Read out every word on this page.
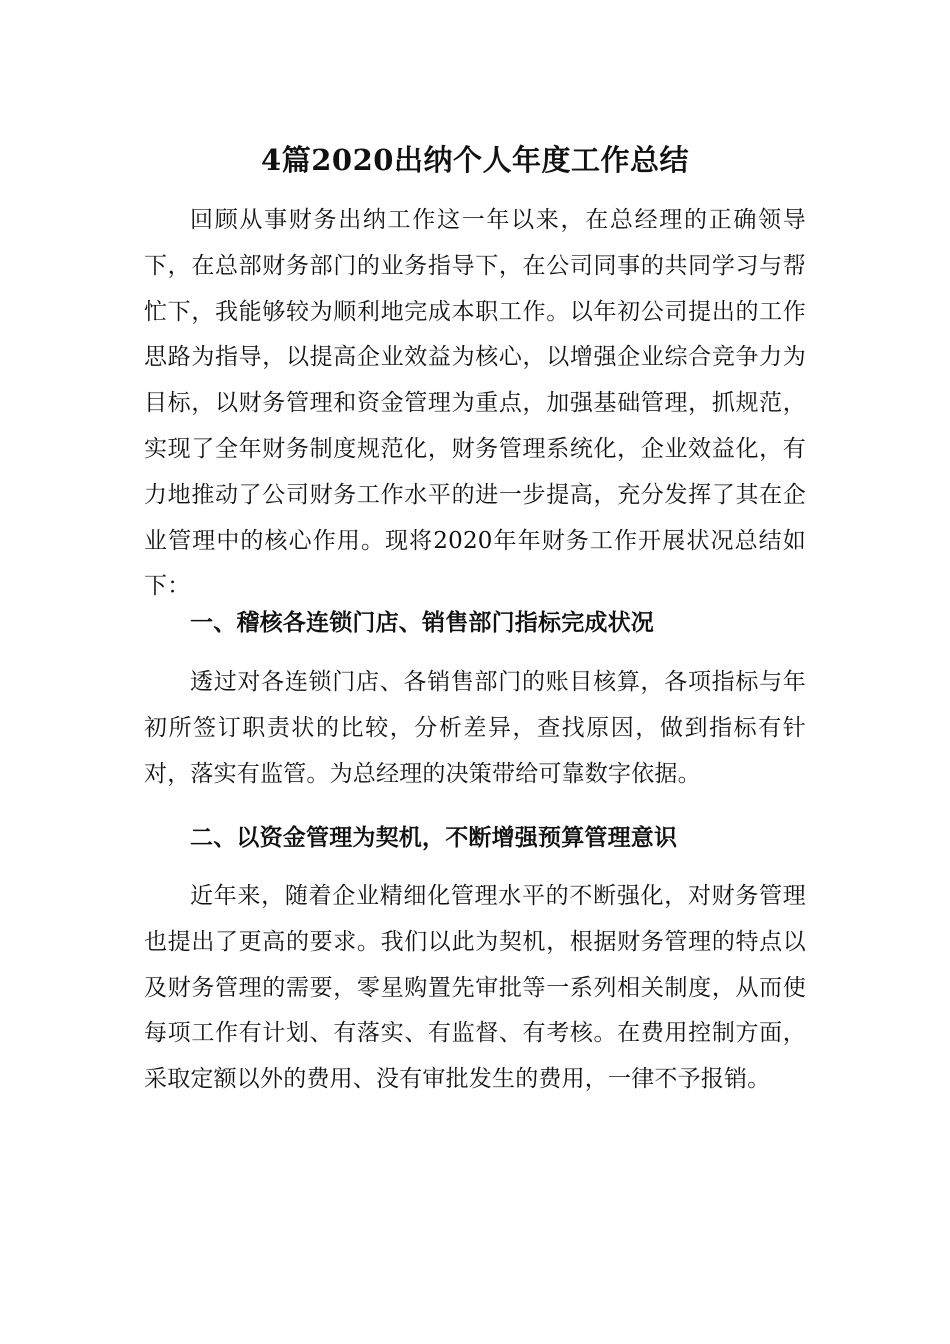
4篇2020出纳个人年度工作总结

回顾从事财务出纳工作这一年以来，在总经理的正确领导下，在总部财务部门的业务指导下，在公司同事的共同学习与帮忙下，我能够较为顺利地完成本职工作。以年初公司提出的工作思路为指导，以提高企业效益为核心，以增强企业综合竞争力为目标，以财务管理和资金管理为重点，加强基础管理，抓规范，实现了全年财务制度规范化，财务管理系统化，企业效益化，有力地推动了公司财务工作水平的进一步提高，充分发挥了其在企业管理中的核心作用。现将2020年年财务工作开展状况总结如下：

一、稽核各连锁门店、销售部门指标完成状况

透过对各连锁门店、各销售部门的账目核算，各项指标与年初所签订职责状的比较，分析差异，查找原因，做到指标有针对，落实有监管。为总经理的决策带给可靠数字依据。

二、以资金管理为契机，不断增强预算管理意识

近年来，随着企业精细化管理水平的不断强化，对财务管理也提出了更高的要求。我们以此为契机，根据财务管理的特点以及财务管理的需要，零星购置先审批等一系列相关制度，从而使每项工作有计划、有落实、有监督、有考核。在费用控制方面，采取定额以外的费用、没有审批发生的费用，一律不予报销。
